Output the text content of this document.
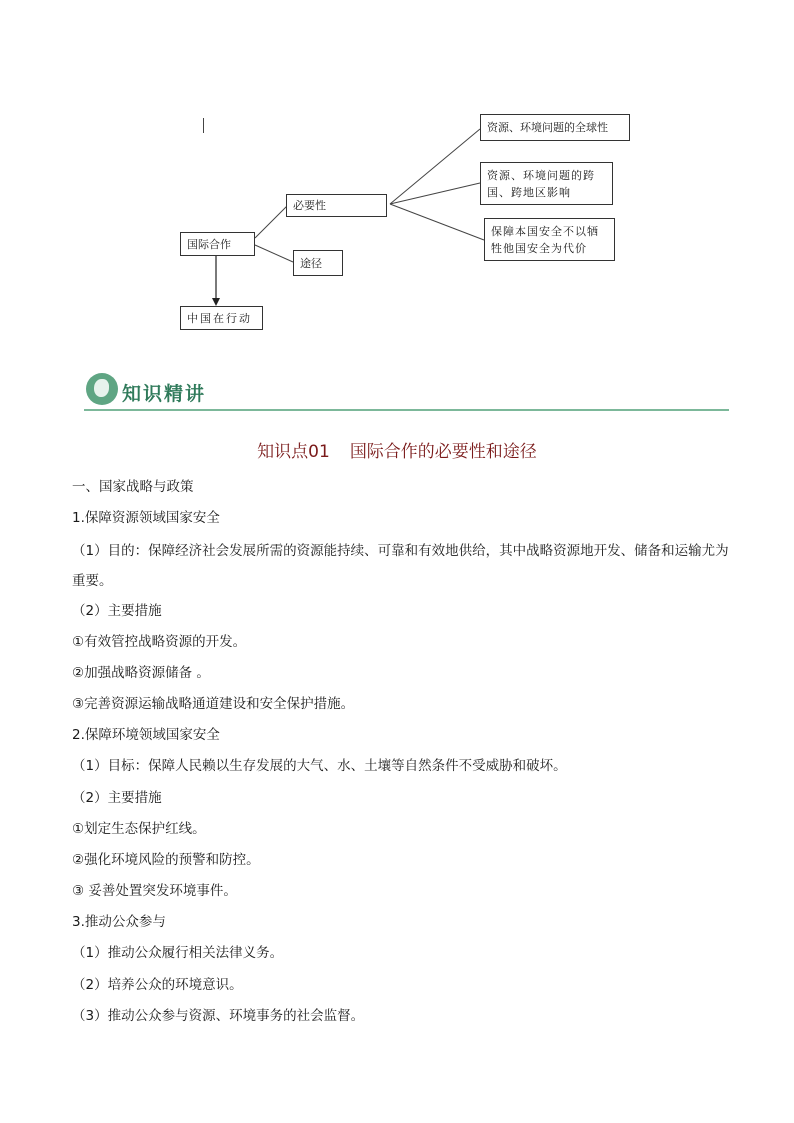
国际合作
必要性
途径
中国在行动
资源、环境问题的全球性
资源、环境问题的跨国、跨地区影响
保障本国安全不以牺牲他国安全为代价
知识精讲
知识点01 国际合作的必要性和途径
一、国家战略与政策
1.保障资源领域国家安全
（1）目的：保障经济社会发展所需的资源能持续、可靠和有效地供给，其中战略资源地开发、储备和运输尤为重要。
（2）主要措施
①有效管控战略资源的开发。
②加强战略资源储备 。
③完善资源运输战略通道建设和安全保护措施。
2.保障环境领域国家安全
（1）目标：保障人民赖以生存发展的大气、水、土壤等自然条件不受威胁和破坏。
（2）主要措施
①划定生态保护红线。
②强化环境风险的预警和防控。
③ 妥善处置突发环境事件。
3.推动公众参与
（1）推动公众履行相关法律义务。
（2）培养公众的环境意识。
（3）推动公众参与资源、环境事务的社会监督。
